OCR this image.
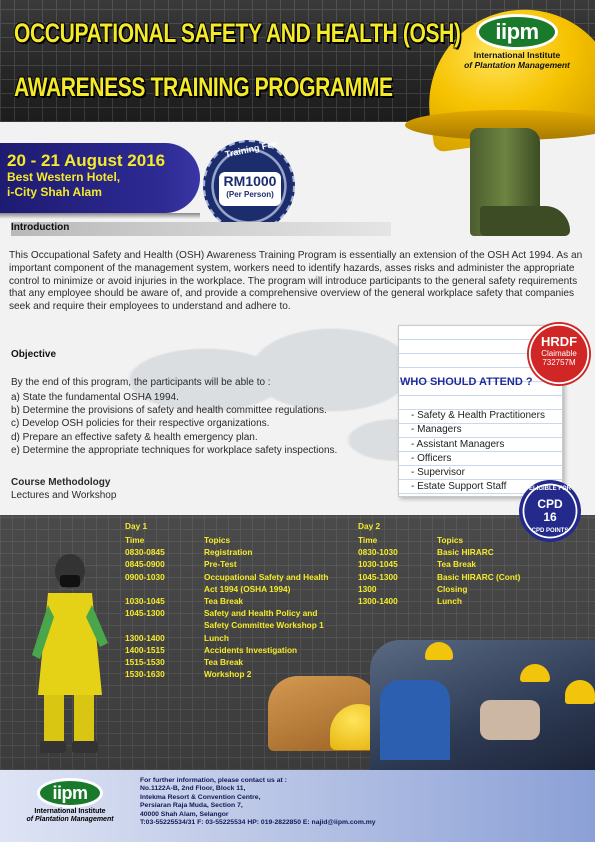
OCCUPATIONAL SAFETY AND HEALTH (OSH)
AWARENESS TRAINING PROGRAMME
iipm
International Institute
of Plantation Management
20 - 21 August 2016
Best Western Hotel,
i-City Shah Alam
Training Fee
RM1000
(Per Person)
Introduction
This Occupational Safety and Health (OSH) Awareness Training Program is essentially an extension of the OSH Act 1994. As an important component of the management system, workers need to identify hazards, asses risks and administer the appropriate control to minimize or avoid injuries in the workplace. The program will introduce participants to the general safety requirements that any employee should be aware of, and provide a comprehensive overview of the general workplace safety that companies seek and require their employees to understand and adhere to.
Objective
By the end of this program, the participants will be able to :
a) State the fundamental OSHA 1994.
b) Determine the provisions of safety and health committee regulations.
c) Develop OSH policies for their respective organizations.
d) Prepare an effective safety & health emergency plan.
e) Determine the appropriate techniques for workplace safety inspections.
Course Methodology
Lectures and Workshop
WHO SHOULD ATTEND ?
- Safety & Health Practitioners
- Managers
- Assistant Managers
- Officers
- Supervisor
- Estate Support Staff
HRDF
Claimable
732757M
Day 1	Day 2
Time
0830-0845
0845-0900
0900-1030
1030-1045
1045-1300
1300-1400
1400-1515
1515-1530
1530-1630
Topics
Registration
Pre-Test
Occupational Safety and Health
Act 1994 (OSHA 1994)
Tea Break
Safety and Health Policy and
Safety Committee Workshop 1
Lunch
Accidents Investigation
Tea Break
Workshop 2
Time
0830-1030
1030-1045
1045-1300
1300
1300-1400
Topics
Basic HIRARC
Tea Break
Basic HIRARC (Cont)
Closing
Lunch
ELIGIBLE FOR
CPD
16
CPD POINTS
iipm
International Institute
of Plantation Management
For further information, please contact us at :
No.1122A-B, 2nd Floor, Block 11,
Intekma Resort & Convention Centre,
Persiaran Raja Muda, Section 7,
40000 Shah Alam, Selangor
T:03-55225534/31 F: 03-55225534 HP: 019-2822850 E: najid@iipm.com.my
